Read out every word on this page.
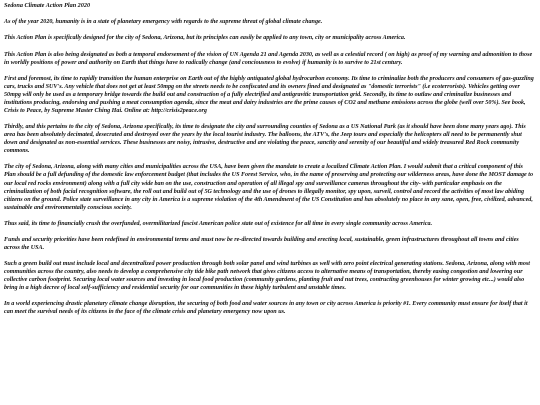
Sedona Climate Action Plan 2020

As of the year 2020, humanity is in a state of planetary emergency with regards to the supreme threat of global climate change.

This Action Plan is specifically designed for the city of Sedona, Arizona, but its principles can easily be applied to any town, city or municipality across America.

This Action Plan is also being designated as both a temporal endorsement of the vision of UN Agenda 21 and Agenda 2030, as well as a celestial record ( on high) as proof of my warning and admonition to those in worldly positions of power and authority on Earth that things have to radically change (and conciousness to evolve) if humanity is to survive to 21st century.

First and foremost, its time to rapidly transition the human enterprise on Earth out of the highly antiquated global hydrocarbon economy. Its time to criminalize both the producers and consumers of gas-guzzling cars, trucks and SUV's. Any vehicle that does not get at least 50mpg on the streets needs to be confiscated and its owners fined and designated as "domestic terrorists" (i.e ecoterrorists). Vehicles getting over 50mpg will only be used as a temporary bridge towards the build out and construction of a fully electrified and antigravitic transportation grid. Secondly, its time to outlaw and criminalize businesses and institutions producing, endorsing and pushing a meat consumption agenda, since the meat and dairy industries are the prime causes of CO2 and methane emissions across the globe (well over 50%). See book, Crisis to Peace, by Supreme Master Ching Hai. Online at: http://crisis2peace.org

Thirdly, and this pertains to the city of Sedona, Arizona specifically, its time to designate the city and surrounding counties of Sedona as a US National Park (as it should have been done many years ago). This area has been absolutely decimated, desecrated and destroyed over the years by the local tourist industry. The balloons, the ATV's, the Jeep tours and especially the helicopters all need to be permanently shut down and designated as non-essential services. These businesses are noisy, intrusive, destructive and are violating the peace, sanctity and serenity of our beautiful and widely treasured Red Rock community commons.

The city of Sedona, Arizona, along with many cities and municipalities across the USA, have been given the mandate to create a localized Climate Action Plan. I would submit that a critical component of this Plan should be a full defunding of the domestic law enforcement budget (that includes the US Forest Service, who, in the name of preserving and protecting our wilderness areas, have done the MOST damage to our local red rocks environment) along with a full city wide ban on the use, construction and operation of all illegal spy and surveillance cameras throughout the city- with particular emphasis on the criminalization of both facial recognition software, the roll out and build out of 5G technology and the use of drones to illegally monitor, spy upon, surveil, control and record the activities of most law abiding citizens on the ground. Police state surveillance in any city in America is a supreme violation of the 4th Amendment of the US Constitution and has absolutely no place in any sane, open, free, civilized, advanced, sustainable and environmentally conscious society.

Thus said, its time to financially crush the overfunded, overmilitarized fascist American police state out of existence for all time in every single community across America.

Funds and security priorities have been redefined in environmental terms and must now be re-directed towards building and erecting local, sustainable, green infrastructures throughout all towns and cities across the USA.

Such a green build out must include local and decentralized power production through both solar panel and wind turbines as well with zero point electrical generating stations. Sedona, Arizona, along with most communities across the country, also needs to develop a comprehensive city tide bike path network that gives citizens access to alternative means of transportation, thereby easing congestion and lowering our collective carbon footprint. Securing local water sources and investing in local food production (community gardens, planting fruit and nut trees, contructing greenhouses for winter growing etc...) would also bring in a high decree of local self-sufficiency and residential security for our communities in these highly turbulent and unstable times.

In a world experiencing drastic planetary climate change disruption, the securing of both food and water sources in any town or city across America is priority #1. Every community must ensure for itself that it can meet the survival needs of its citizens in the face of the climate crisis and planetary emergency now upon us.
